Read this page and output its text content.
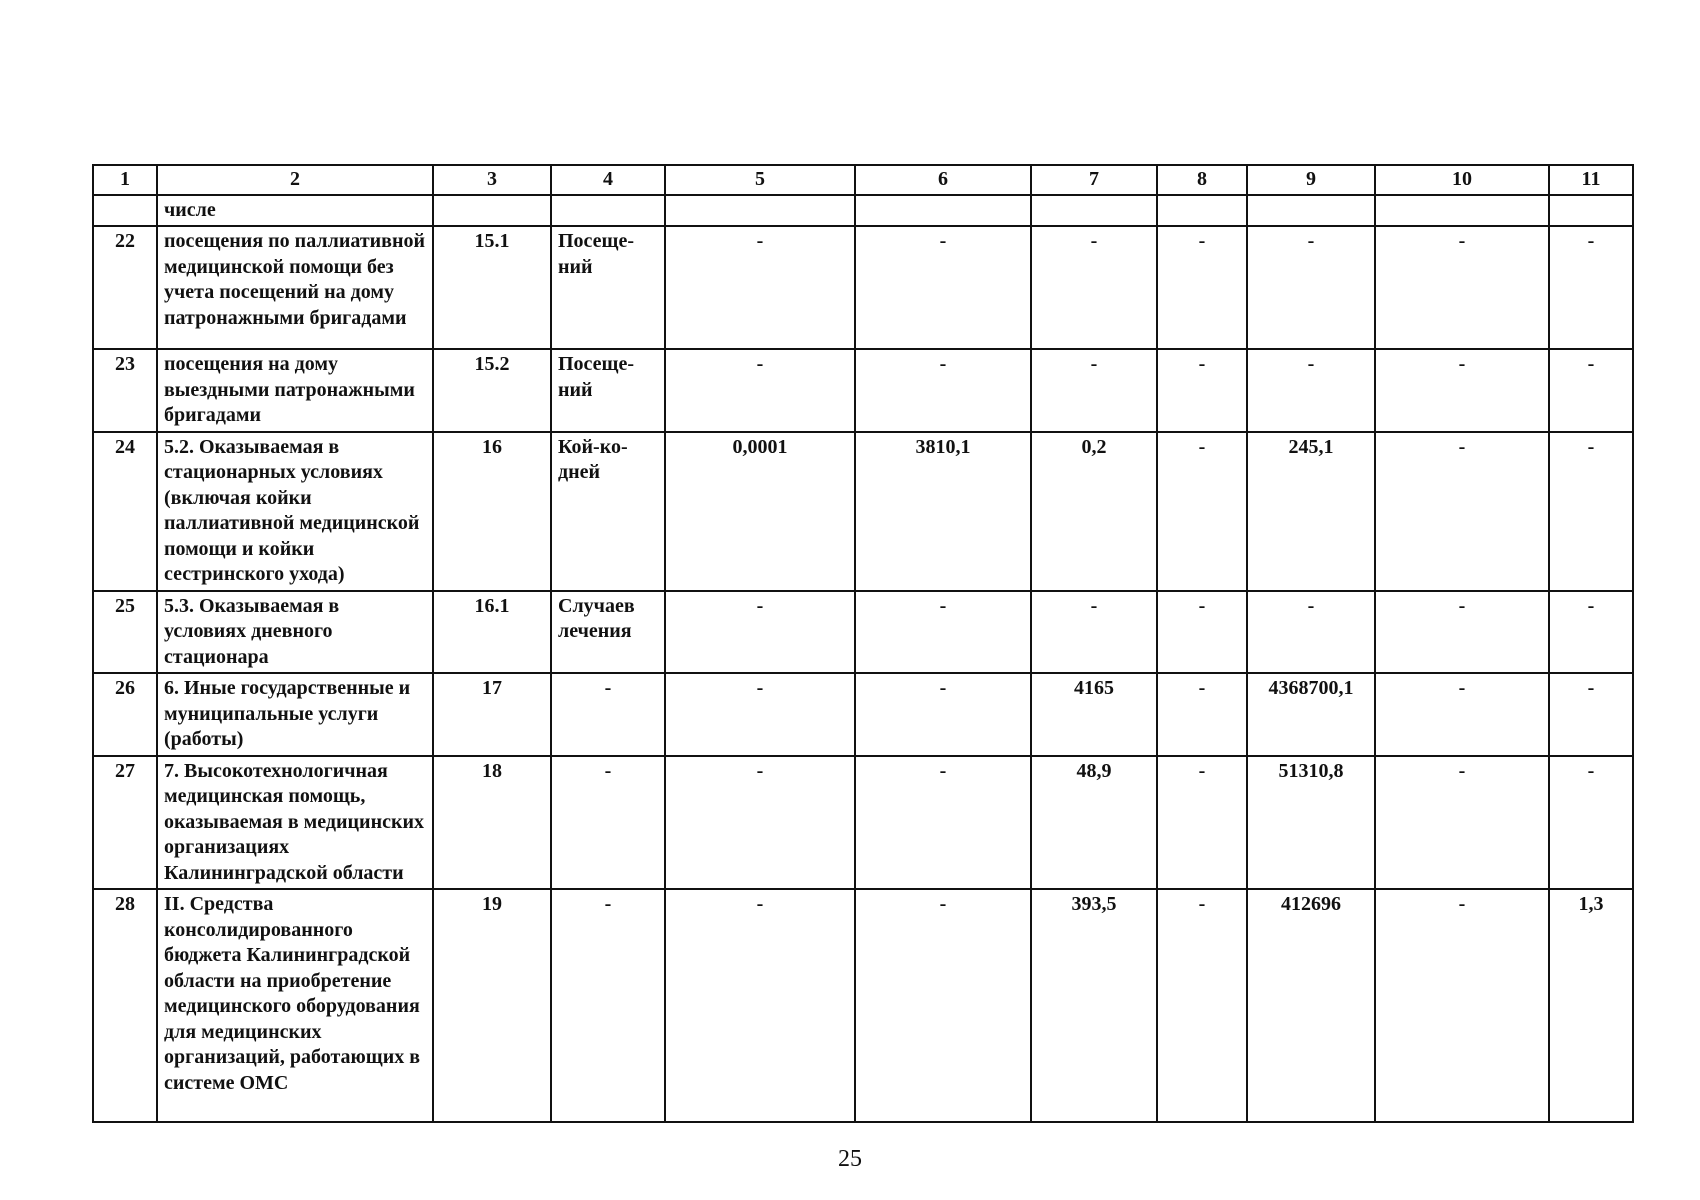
1	2	3	4	5	6	7	8	9	10	11
	числе									
22	посещения по паллиативной медицинской помощи без учета посещений на дому патронажными бригадами	15.1	Посеще-ний	-	-	-	-	-	-	-
23	посещения на дому выездными патронажными бригадами	15.2	Посеще-ний	-	-	-	-	-	-	-
24	5.2. Оказываемая в стационарных условиях (включая койки паллиативной медицинской помощи и койки сестринского ухода)	16	Кой-ко-дней	0,0001	3810,1	0,2	-	245,1	-	-
25	5.3. Оказываемая в условиях дневного стационара	16.1	Случаев лечения	-	-	-	-	-	-	-
26	6. Иные государственные и муниципальные услуги (работы)	17	-	-	-	4165	-	4368700,1	-	-
27	7. Высокотехнологичная медицинская помощь, оказываемая в медицинских организациях Калининградской области	18	-	-	-	48,9	-	51310,8	-	-
28	II. Средства консолидированного бюджета Калининградской области на приобретение медицинского оборудования для медицинских организаций, работающих в системе ОМС	19	-	-	-	393,5	-	412696	-	1,3
25
